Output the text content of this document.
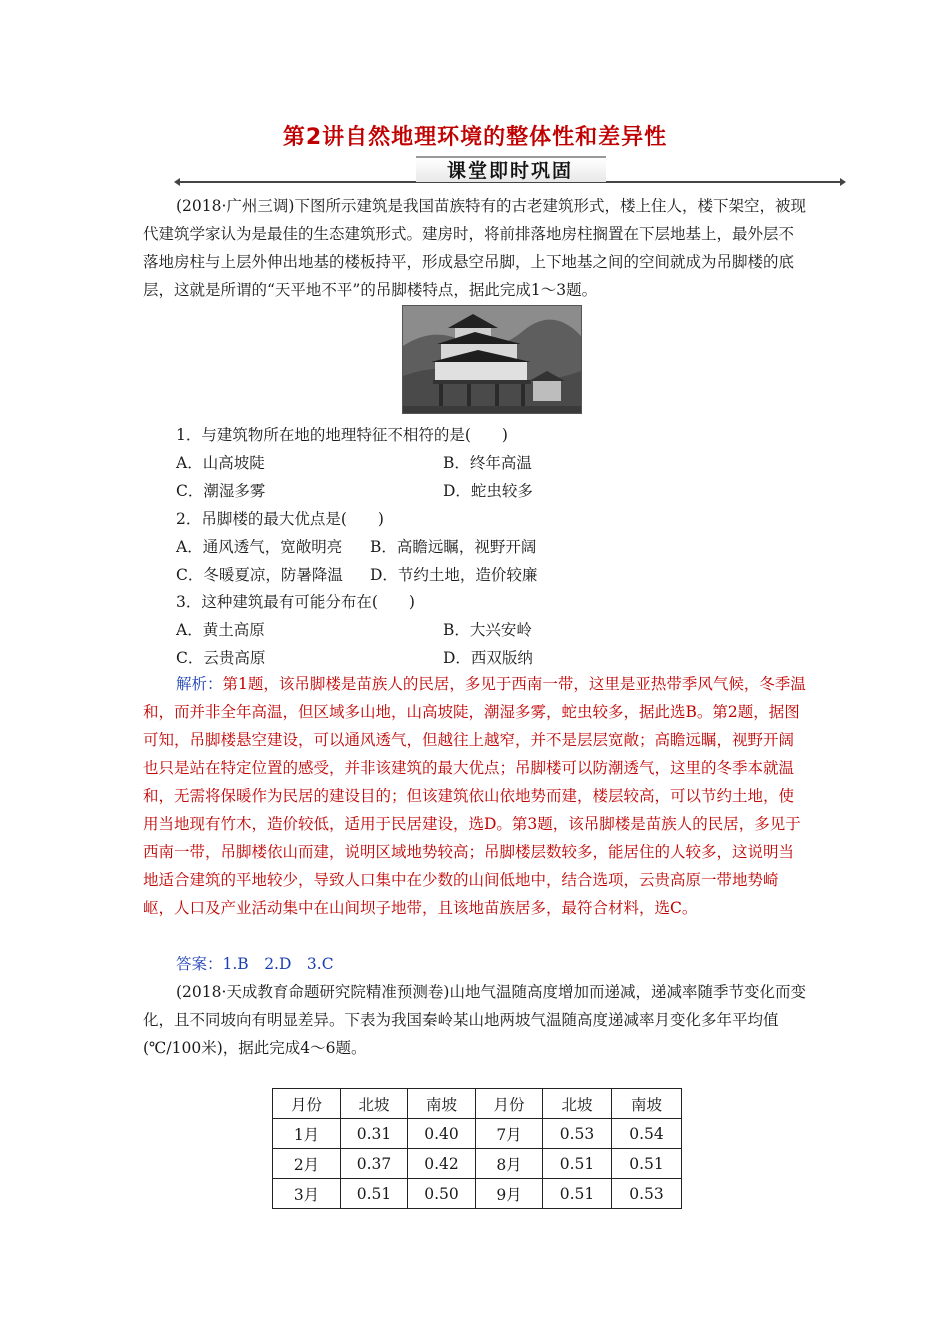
第2讲自然地理环境的整体性和差异性
课堂即时巩固

(2018·广州三调)下图所示建筑是我国苗族特有的古老建筑形式，楼上住人，楼下架空，被现代建筑学家认为是最佳的生态建筑形式。建房时，将前排落地房柱搁置在下层地基上，最外层不落地房柱与上层外伸出地基的楼板持平，形成悬空吊脚，上下地基之间的空间就成为吊脚楼的底层，这就是所谓的“天平地不平”的吊脚楼特点，据此完成1～3题。

1．与建筑物所在地的地理特征不相符的是(　　)
A．山高坡陡	B．终年高温
C．潮湿多雾	D．蛇虫较多
2．吊脚楼的最大优点是(　　)
A．通风透气，宽敞明亮 B．高瞻远瞩，视野开阔
C．冬暖夏凉，防暑降温 D．节约土地，造价较廉
3．这种建筑最有可能分布在(　　)
A．黄土高原	B．大兴安岭
C．云贵高原	D．西双版纳

解析：第1题，该吊脚楼是苗族人的民居，多见于西南一带，这里是亚热带季风气候，冬季温和，而并非全年高温，但区域多山地，山高坡陡，潮湿多雾，蛇虫较多，据此选B。第2题，据图可知，吊脚楼悬空建设，可以通风透气，但越往上越窄，并不是层层宽敞；高瞻远瞩，视野开阔也只是站在特定位置的感受，并非该建筑的最大优点；吊脚楼可以防潮透气，这里的冬季本就温和，无需将保暖作为民居的建设目的；但该建筑依山依地势而建，楼层较高，可以节约土地，使用当地现有竹木，造价较低，适用于民居建设，选D。第3题，该吊脚楼是苗族人的民居，多见于西南一带，吊脚楼依山而建，说明区域地势较高；吊脚楼层数较多，能居住的人较多，这说明当地适合建筑的平地较少，导致人口集中在少数的山间低地中，结合选项，云贵高原一带地势崎岖，人口及产业活动集中在山间坝子地带，且该地苗族居多，最符合材料，选C。

答案：1.B　2.D　3.C

(2018·天成教育命题研究院精准预测卷)山地气温随高度增加而递减，递减率随季节变化而变化，且不同坡向有明显差异。下表为我国秦岭某山地两坡气温随高度递减率月变化多年平均值(℃/100米)，据此完成4～6题。

月份	北坡	南坡	月份	北坡	南坡
1月	0.31	0.40	7月	0.53	0.54
2月	0.37	0.42	8月	0.51	0.51
3月	0.51	0.50	9月	0.51	0.53
